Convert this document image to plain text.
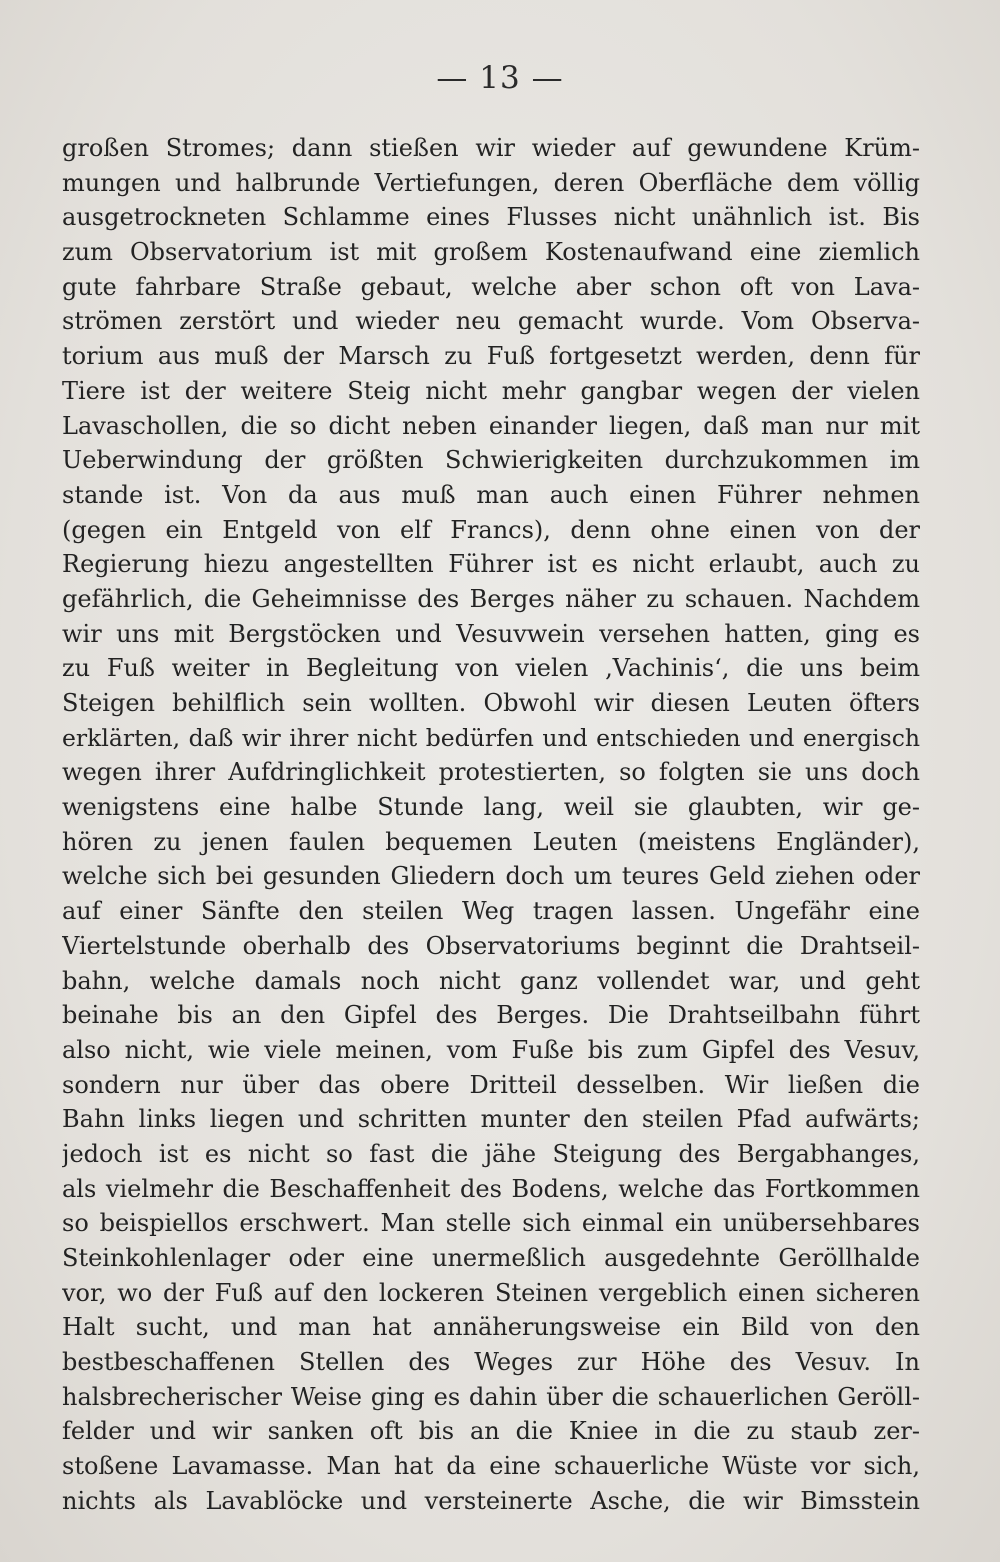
— 13 —
großen Stromes; dann stießen wir wieder auf gewundene Krüm-
mungen und halbrunde Vertiefungen, deren Oberfläche dem völlig
ausgetrockneten Schlamme eines Flusses nicht unähnlich ist. Bis
zum Observatorium ist mit großem Kostenaufwand eine ziemlich
gute fahrbare Straße gebaut, welche aber schon oft von Lava-
strömen zerstört und wieder neu gemacht wurde. Vom Observa-
torium aus muß der Marsch zu Fuß fortgesetzt werden, denn für
Tiere ist der weitere Steig nicht mehr gangbar wegen der vielen
Lavaschollen, die so dicht neben einander liegen, daß man nur mit
Ueberwindung der größten Schwierigkeiten durchzukommen im
stande ist. Von da aus muß man auch einen Führer nehmen
(gegen ein Entgeld von elf Francs), denn ohne einen von der
Regierung hiezu angestellten Führer ist es nicht erlaubt, auch zu
gefährlich, die Geheimnisse des Berges näher zu schauen. Nachdem
wir uns mit Bergstöcken und Vesuvwein versehen hatten, ging es
zu Fuß weiter in Begleitung von vielen ‚Vachinis‘, die uns beim
Steigen behilflich sein wollten. Obwohl wir diesen Leuten öfters
erklärten, daß wir ihrer nicht bedürfen und entschieden und energisch
wegen ihrer Aufdringlichkeit protestierten, so folgten sie uns doch
wenigstens eine halbe Stunde lang, weil sie glaubten, wir ge-
hören zu jenen faulen bequemen Leuten (meistens Engländer),
welche sich bei gesunden Gliedern doch um teures Geld ziehen oder
auf einer Sänfte den steilen Weg tragen lassen. Ungefähr eine
Viertelstunde oberhalb des Observatoriums beginnt die Drahtseil-
bahn, welche damals noch nicht ganz vollendet war, und geht
beinahe bis an den Gipfel des Berges. Die Drahtseilbahn führt
also nicht, wie viele meinen, vom Fuße bis zum Gipfel des Vesuv,
sondern nur über das obere Dritteil desselben. Wir ließen die
Bahn links liegen und schritten munter den steilen Pfad aufwärts;
jedoch ist es nicht so fast die jähe Steigung des Bergabhanges,
als vielmehr die Beschaffenheit des Bodens, welche das Fortkommen
so beispiellos erschwert. Man stelle sich einmal ein unübersehbares
Steinkohlenlager oder eine unermeßlich ausgedehnte Geröllhalde
vor, wo der Fuß auf den lockeren Steinen vergeblich einen sicheren
Halt sucht, und man hat annäherungsweise ein Bild von den
bestbeschaffenen Stellen des Weges zur Höhe des Vesuv. In
halsbrecherischer Weise ging es dahin über die schauerlichen Geröll-
felder und wir sanken oft bis an die Kniee in die zu staub zer-
stoßene Lavamasse. Man hat da eine schauerliche Wüste vor sich,
nichts als Lavablöcke und versteinerte Asche, die wir Bimsstein
